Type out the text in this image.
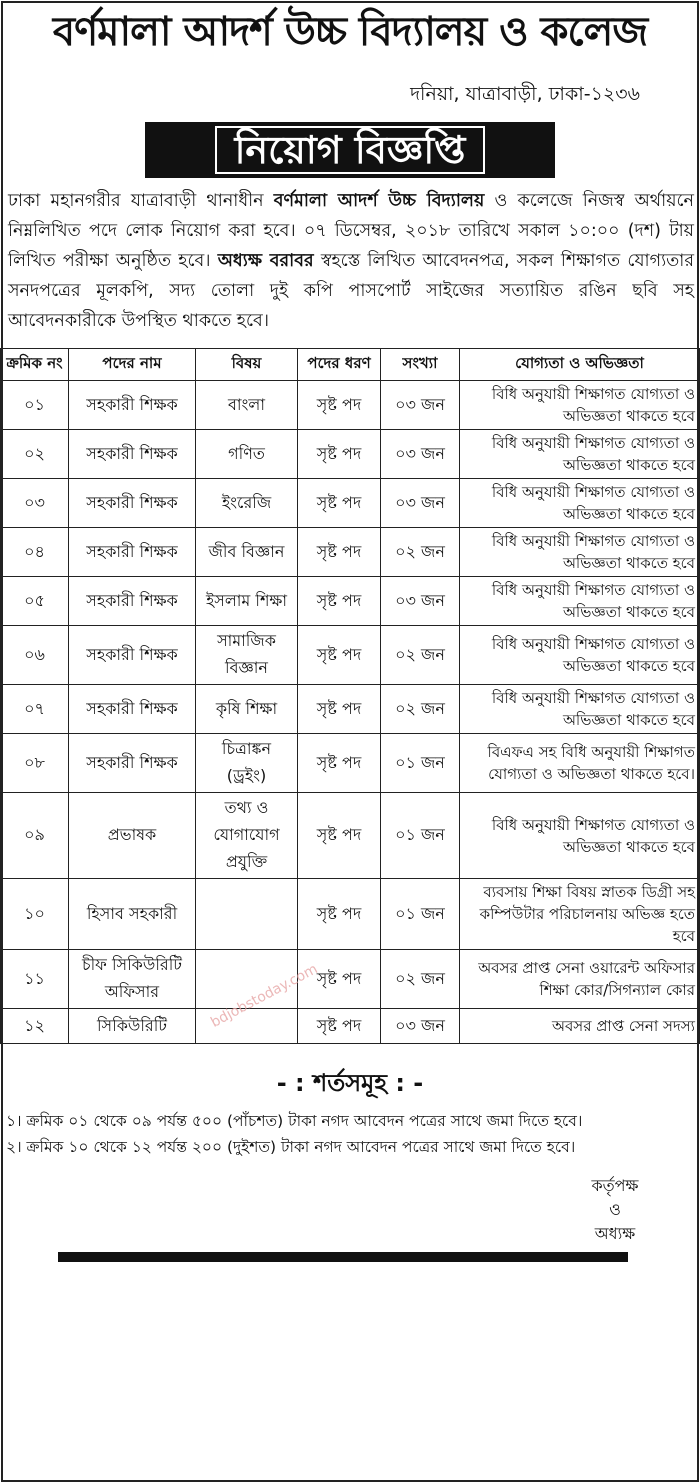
বর্ণমালা আদর্শ উচ্চ বিদ্যালয় ও কলেজ
দনিয়া, যাত্রাবাড়ী, ঢাকা-১২৩৬
নিয়োগ বিজ্ঞপ্তি
ঢাকা মহানগরীর যাত্রাবাড়ী থানাধীন বর্ণমালা আদর্শ উচ্চ বিদ্যালয় ও কলেজে নিজস্ব অর্থায়নে নিম্নলিখিত পদে লোক নিয়োগ করা হবে। ০৭ ডিসেম্বর, ২০১৮ তারিখে সকাল ১০:০০ (দশ) টায় লিখিত পরীক্ষা অনুষ্ঠিত হবে। অধ্যক্ষ বরাবর স্বহস্তে লিখিত আবেদনপত্র, সকল শিক্ষাগত যোগ্যতার সনদপত্রের মূলকপি, সদ্য তোলা দুই কপি পাসপোর্ট সাইজের সত্যায়িত রঙিন ছবি সহ আবেদনকারীকে উপস্থিত থাকতে হবে।
ক্রমিক নং	পদের নাম	বিষয়	পদের ধরণ	সংখ্যা	যোগ্যতা ও অভিজ্ঞতা
০১	সহকারী শিক্ষক	বাংলা	সৃষ্ট পদ	০৩ জন	বিধি অনুযায়ী শিক্ষাগত যোগ্যতা ও অভিজ্ঞতা থাকতে হবে
০২	সহকারী শিক্ষক	গণিত	সৃষ্ট পদ	০৩ জন	বিধি অনুযায়ী শিক্ষাগত যোগ্যতা ও অভিজ্ঞতা থাকতে হবে
০৩	সহকারী শিক্ষক	ইংরেজি	সৃষ্ট পদ	০৩ জন	বিধি অনুযায়ী শিক্ষাগত যোগ্যতা ও অভিজ্ঞতা থাকতে হবে
০৪	সহকারী শিক্ষক	জীব বিজ্ঞান	সৃষ্ট পদ	০২ জন	বিধি অনুযায়ী শিক্ষাগত যোগ্যতা ও অভিজ্ঞতা থাকতে হবে
০৫	সহকারী শিক্ষক	ইসলাম শিক্ষা	সৃষ্ট পদ	০৩ জন	বিধি অনুযায়ী শিক্ষাগত যোগ্যতা ও অভিজ্ঞতা থাকতে হবে
০৬	সহকারী শিক্ষক	সামাজিক বিজ্ঞান	সৃষ্ট পদ	০২ জন	বিধি অনুযায়ী শিক্ষাগত যোগ্যতা ও অভিজ্ঞতা থাকতে হবে
০৭	সহকারী শিক্ষক	কৃষি শিক্ষা	সৃষ্ট পদ	০২ জন	বিধি অনুযায়ী শিক্ষাগত যোগ্যতা ও অভিজ্ঞতা থাকতে হবে
০৮	সহকারী শিক্ষক	চিত্রাঙ্কন (ড্রইং)	সৃষ্ট পদ	০১ জন	বিএফএ সহ বিধি অনুযায়ী শিক্ষাগত যোগ্যতা ও অভিজ্ঞতা থাকতে হবে।
০৯	প্রভাষক	তথ্য ও যোগাযোগ প্রযুক্তি	সৃষ্ট পদ	০১ জন	বিধি অনুযায়ী শিক্ষাগত যোগ্যতা ও অভিজ্ঞতা থাকতে হবে
১০	হিসাব সহকারী		সৃষ্ট পদ	০১ জন	ব্যবসায় শিক্ষা বিষয় স্নাতক ডিগ্রী সহ কম্পিউটার পরিচালনায় অভিজ্ঞ হতে হবে
১১	চীফ সিকিউরিটি অফিসার		সৃষ্ট পদ	০২ জন	অবসর প্রাপ্ত সেনা ওয়ারেন্ট অফিসার শিক্ষা কোর/সিগন্যাল কোর
১২	সিকিউরিটি		সৃষ্ট পদ	০৩ জন	অবসর প্রাপ্ত সেনা সদস্য
bdjobstoday.com
- : শর্তসমূহ : -
১। ক্রমিক ০১ থেকে ০৯ পর্যন্ত ৫০০ (পাঁচশত) টাকা নগদ আবেদন পত্রের সাথে জমা দিতে হবে।
২। ক্রমিক ১০ থেকে ১২ পর্যন্ত ২০০ (দুইশত) টাকা নগদ আবেদন পত্রের সাথে জমা দিতে হবে।
কর্তৃপক্ষ
ও
অধ্যক্ষ
